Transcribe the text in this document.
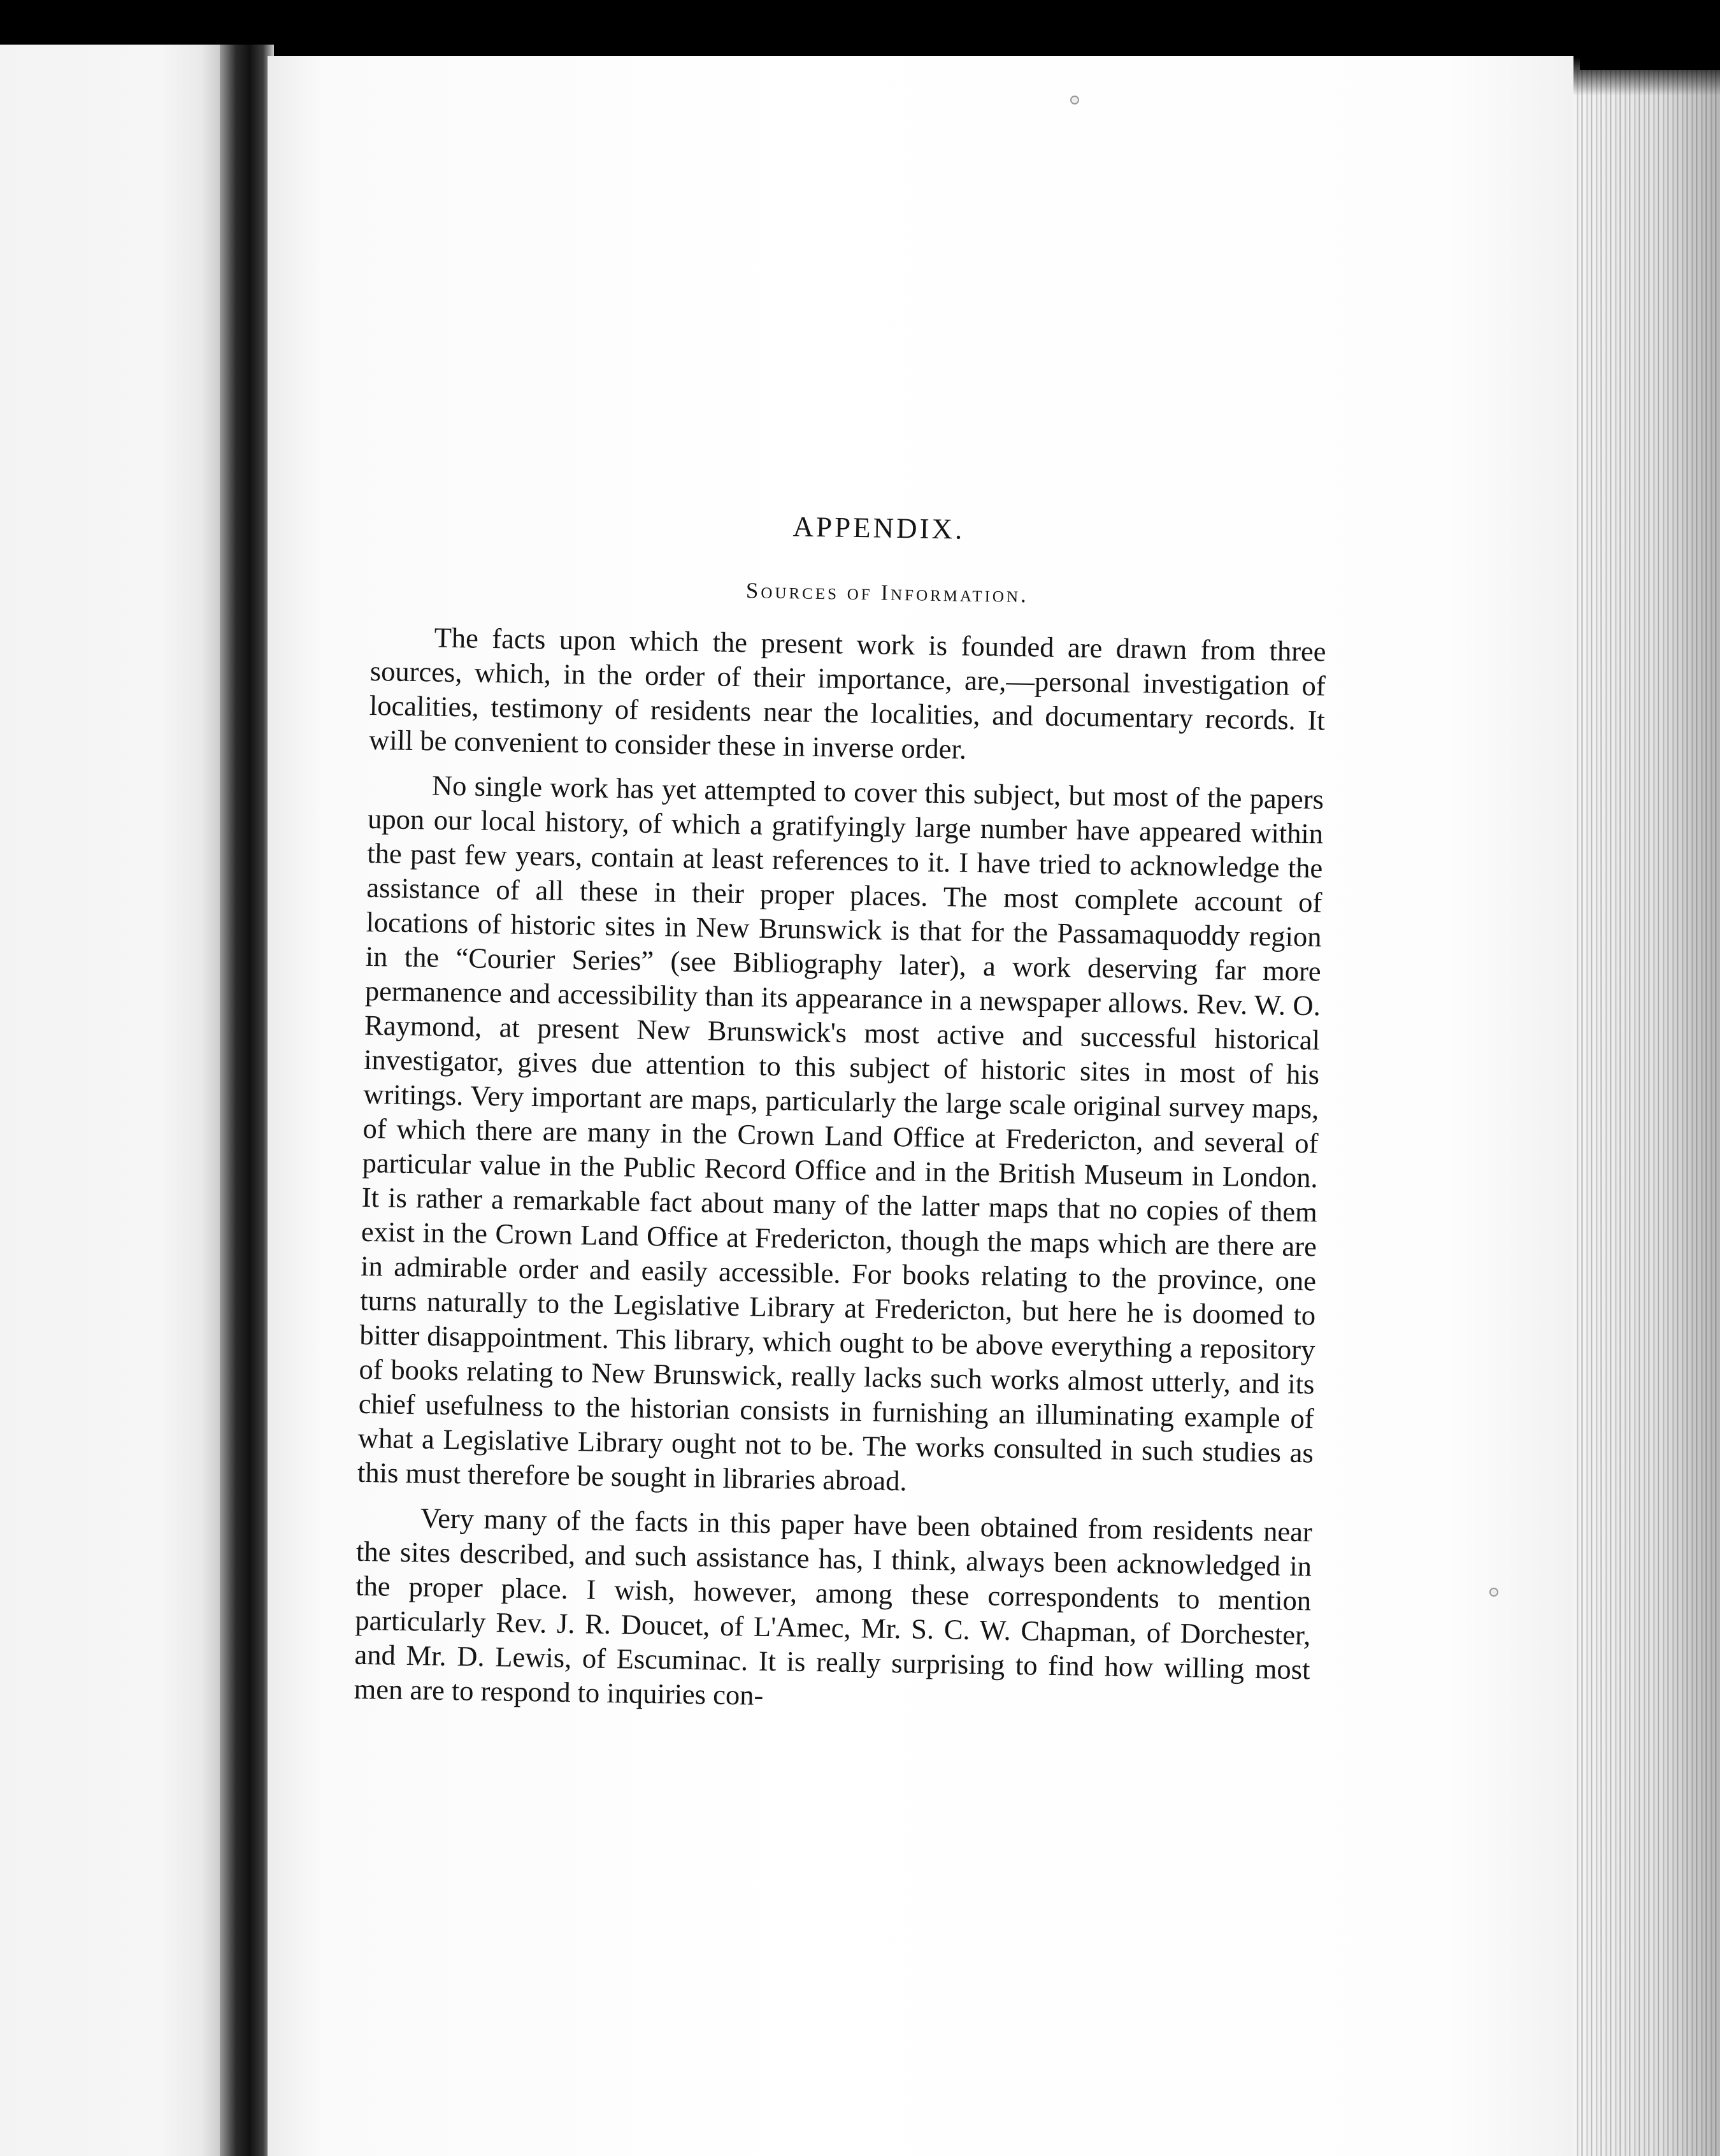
APPENDIX.
Sources of Information.

The facts upon which the present work is founded are drawn from three sources, which, in the order of their importance, are,—personal investigation of localities, testimony of residents near the localities, and documentary records. It will be convenient to consider these in inverse order.

No single work has yet attempted to cover this subject, but most of the papers upon our local history, of which a gratifyingly large number have appeared within the past few years, contain at least references to it. I have tried to acknowledge the assistance of all these in their proper places. The most complete account of locations of historic sites in New Brunswick is that for the Passamaquoddy region in the “Courier Series” (see Bibliography later), a work deserving far more permanence and accessibility than its appearance in a newspaper allows. Rev. W. O. Raymond, at present New Brunswick's most active and successful historical investigator, gives due attention to this subject of historic sites in most of his writings. Very important are maps, particularly the large scale original survey maps, of which there are many in the Crown Land Office at Fredericton, and several of particular value in the Public Record Office and in the British Museum in London. It is rather a remarkable fact about many of the latter maps that no copies of them exist in the Crown Land Office at Fredericton, though the maps which are there are in admirable order and easily accessible. For books relating to the province, one turns naturally to the Legislative Library at Fredericton, but here he is doomed to bitter disappointment. This library, which ought to be above everything a repository of books relating to New Brunswick, really lacks such works almost utterly, and its chief usefulness to the historian consists in furnishing an illuminating example of what a Legislative Library ought not to be. The works consulted in such studies as this must therefore be sought in libraries abroad.

Very many of the facts in this paper have been obtained from residents near the sites described, and such assistance has, I think, always been acknowledged in the proper place. I wish, however, among these correspondents to mention particularly Rev. J. R. Doucet, of L'Amec, Mr. S. C. W. Chapman, of Dorchester, and Mr. D. Lewis, of Escuminac. It is really surprising to find how willing most men are to respond to inquiries con-
